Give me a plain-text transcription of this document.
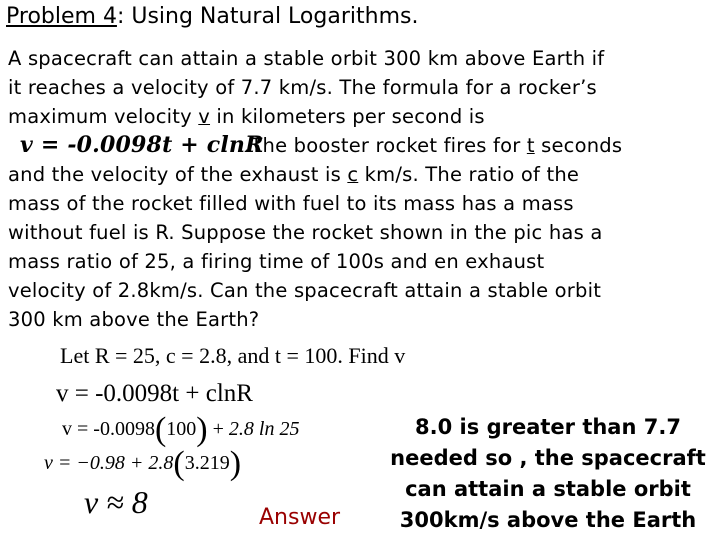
Problem 4: Using Natural Logarithms.
A spacecraft can attain a stable orbit 300 km above Earth if
it reaches a velocity of 7.7 km/s. The formula for a rocker’s
maximum velocity v in kilometers per second is
v = -0.0098t + clnR.The booster rocket fires for t seconds
and the velocity of the exhaust is c km/s. The ratio of the
mass of the rocket filled with fuel to its mass has a mass
without fuel is R. Suppose the rocket shown in the pic has a
mass ratio of 25, a firing time of 100s and en exhaust
velocity of 2.8km/s. Can the spacecraft attain a stable orbit
300 km above the Earth?
Let R = 25, c = 2.8, and t = 100. Find v
v = -0.0098t + clnR
v = -0.0098(100) + 2.8 ln 25
v = −0.98 + 2.8(3.219)
v ≈ 8	Answer
8.0 is greater than 7.7
needed so , the spacecraft
can attain a stable orbit
300km/s above the Earth
